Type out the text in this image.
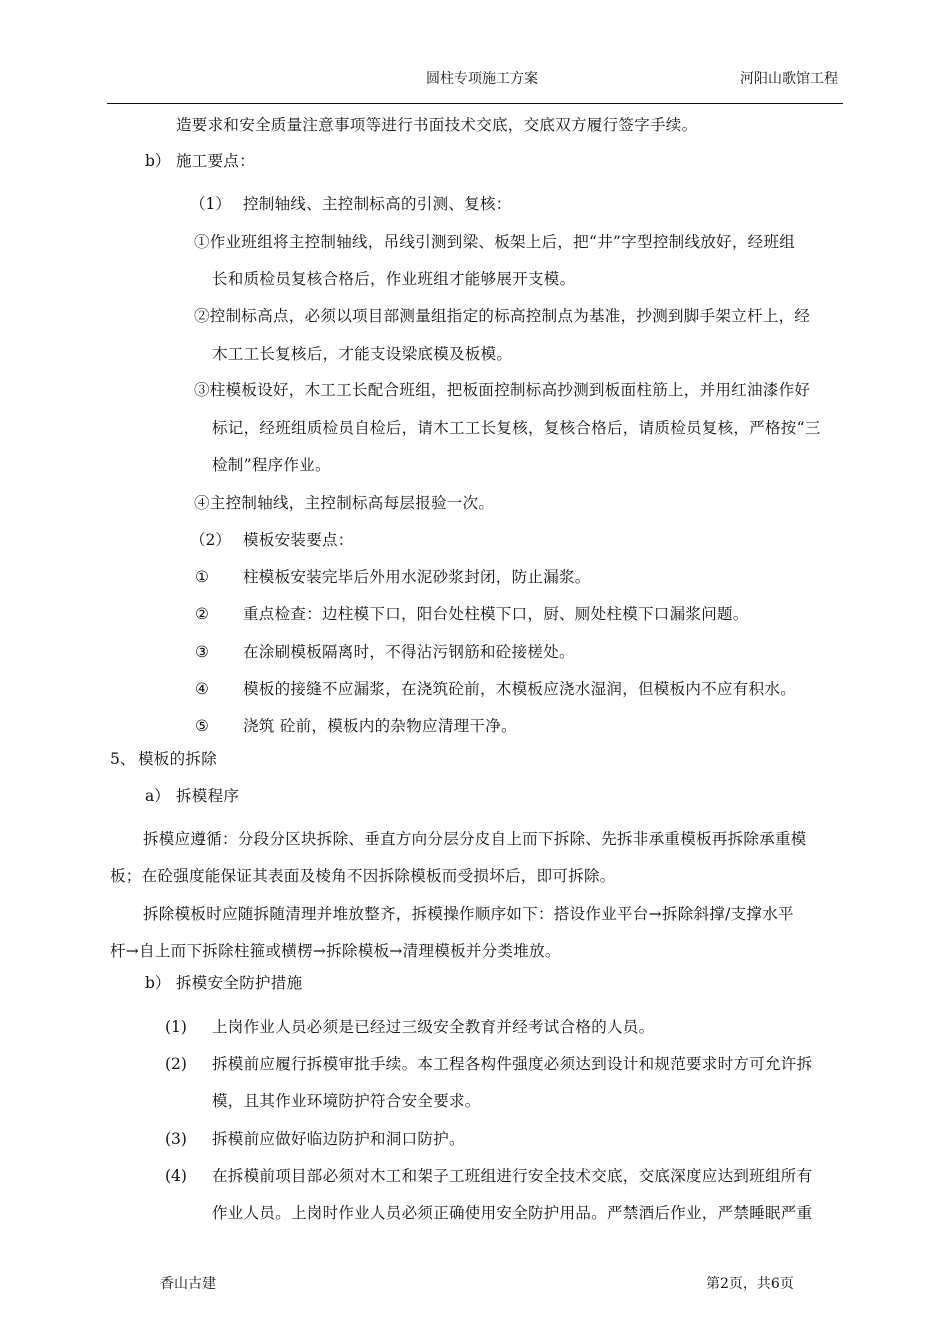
圆柱专项施工方案	河阳山歌馆工程
造要求和安全质量注意事项等进行书面技术交底，交底双方履行签字手续。
b） 施工要点：
（1） 控制轴线、主控制标高的引测、复核：
①作业班组将主控制轴线，吊线引测到梁、板架上后，把“井”字型控制线放好，经班组
长和质检员复核合格后，作业班组才能够展开支模。
②控制标高点，必须以项目部测量组指定的标高控制点为基准，抄测到脚手架立杆上，经
木工工长复核后，才能支设梁底模及板模。
③柱模板设好，木工工长配合班组，把板面控制标高抄测到板面柱筋上，并用红油漆作好
标记，经班组质检员自检后，请木工工长复核，复核合格后，请质检员复核，严格按“三
检制”程序作业。
④主控制轴线，主控制标高每层报验一次。
（2） 模板安装要点：
① 柱模板安装完毕后外用水泥砂浆封闭，防止漏浆。
② 重点检查：边柱模下口，阳台处柱模下口，厨、厕处柱模下口漏浆问题。
③ 在涂刷模板隔离时，不得沾污钢筋和砼接槎处。
④ 模板的接缝不应漏浆，在浇筑砼前，木模板应浇水湿润，但模板内不应有积水。
⑤ 浇筑 砼前，模板内的杂物应清理干净。
5、 模板的拆除
a） 拆模程序
拆模应遵循：分段分区块拆除、垂直方向分层分皮自上而下拆除、先拆非承重模板再拆除承重模
板；在砼强度能保证其表面及棱角不因拆除模板而受损坏后，即可拆除。
拆除模板时应随拆随清理并堆放整齐，拆模操作顺序如下：搭设作业平台→拆除斜撑/支撑水平
杆→自上而下拆除柱箍或横楞→拆除模板→清理模板并分类堆放。
b） 拆模安全防护措施
(1) 上岗作业人员必须是已经过三级安全教育并经考试合格的人员。
(2) 拆模前应履行拆模审批手续。本工程各构件强度必须达到设计和规范要求时方可允许拆
模，且其作业环境防护符合安全要求。
(3) 拆模前应做好临边防护和洞口防护。
(4) 在拆模前项目部必须对木工和架子工班组进行安全技术交底，交底深度应达到班组所有
作业人员。上岗时作业人员必须正确使用安全防护用品。严禁酒后作业，严禁睡眠严重
香山古建	第2页，共6页
